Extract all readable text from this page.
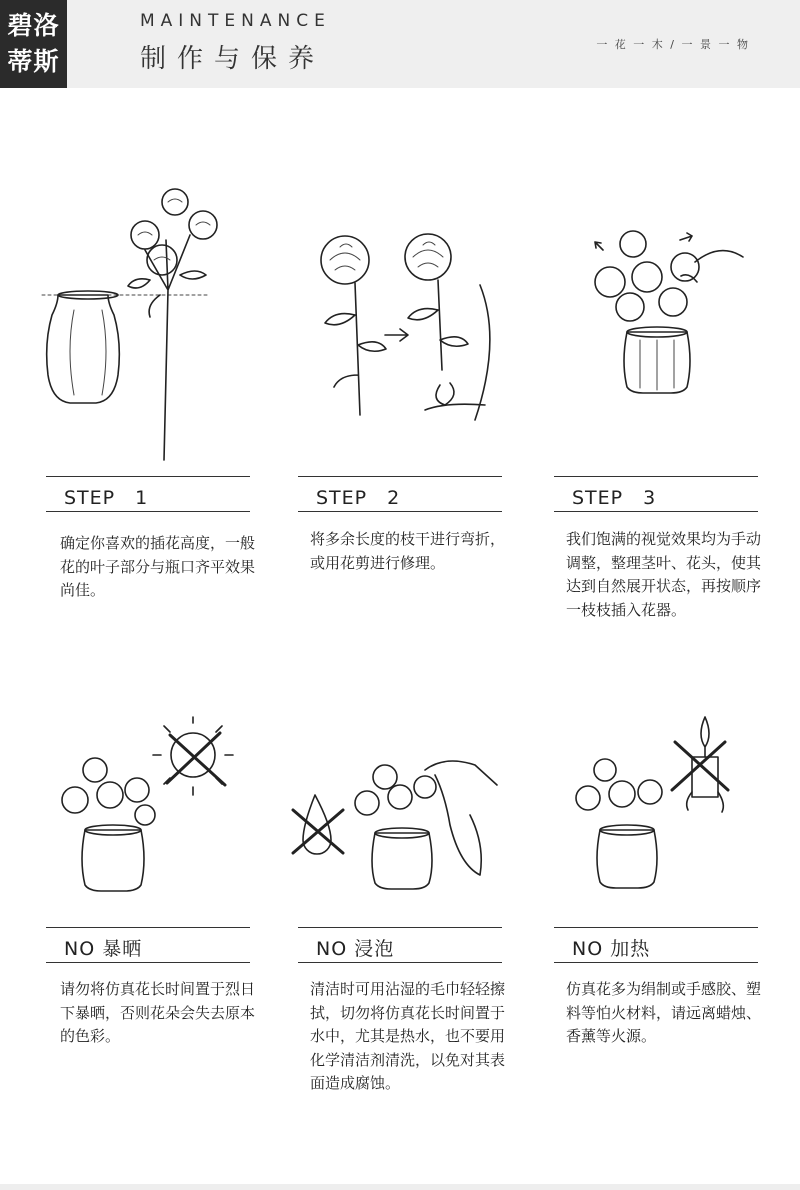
碧洛
蒂斯
MAINTENANCE
制作与保养	一 花 一 木 / 一 景 一 物
STEP　1
确定你喜欢的插花高度，一般花的叶子部分与瓶口齐平效果尚佳。
STEP　2
将多余长度的枝干进行弯折，或用花剪进行修理。
STEP　3
我们饱满的视觉效果均为手动调整，整理茎叶、花头，使其达到自然展开状态，再按顺序一枝枝插入花器。
NO 暴晒
请勿将仿真花长时间置于烈日下暴晒，否则花朵会失去原本的色彩。
NO 浸泡
清洁时可用沾湿的毛巾轻轻擦拭，切勿将仿真花长时间置于水中，尤其是热水，也不要用化学清洁剂清洗，以免对其表面造成腐蚀。
NO 加热
仿真花多为绢制或手感胶、塑料等怕火材料，请远离蜡烛、香薰等火源。
